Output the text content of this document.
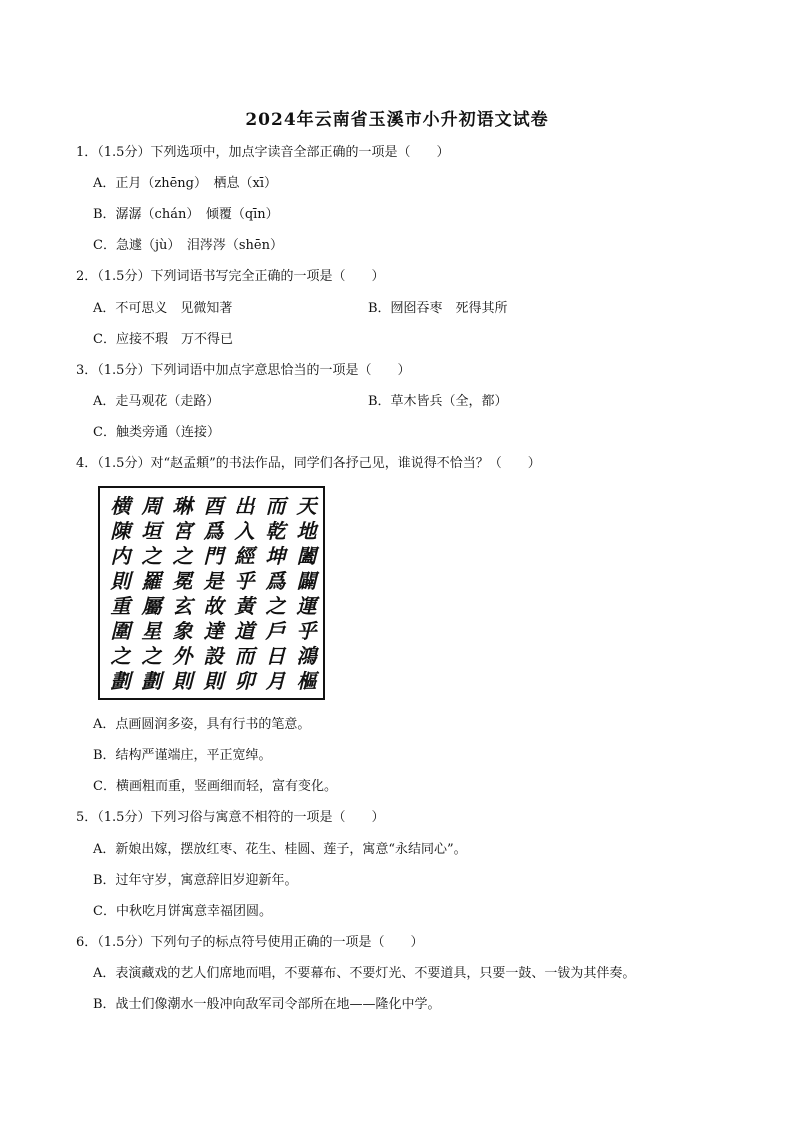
2024年云南省玉溪市小升初语文试卷
1．（1.5分）下列选项中，加点字读音全部正确的一项是（　　）
A．正月（zhēng）　栖息（xī）
B．潺潺（chán）　倾覆（qīn）
C．急遽（jù）　泪涔涔（shēn）
2．（1.5分）下列词语书写完全正确的一项是（　　）
A．不可思义　见微知著	B．囫囵吞枣　死得其所
C．应接不瑕　万不得已
3．（1.5分）下列词语中加点字意思恰当的一项是（　　）
A．走马观花（走路）	B．草木皆兵（全，都）
C．触类旁通（连接）
4．（1.5分）对“赵孟頫”的书法作品，同学们各抒己见，谁说得不恰当？（　　）
天
地
闔
闢
運
乎
鴻
樞
而
乾
坤
爲
之
戶
日
月
出
入
經
乎
黃
道
而
卯
酉
爲
門
是
故
達
設
則
琳
宮
之
冕
玄
象
外
則
周
垣
之
羅
屬
星
之
劃
横
陳
内
則
重
圍
之
劃
A．点画圆润多姿，具有行书的笔意。
B．结构严谨端庄，平正宽绰。
C．横画粗而重，竖画细而轻，富有变化。
5．（1.5分）下列习俗与寓意不相符的一项是（　　）
A．新娘出嫁，摆放红枣、花生、桂圆、莲子，寓意“永结同心”。
B．过年守岁，寓意辞旧岁迎新年。
C．中秋吃月饼寓意幸福团圆。
6．（1.5分）下列句子的标点符号使用正确的一项是（　　）
A．表演藏戏的艺人们席地而唱，不要幕布、不要灯光、不要道具，只要一鼓、一钹为其伴奏。
B．战士们像潮水一般冲向敌军司令部所在地——隆化中学。
